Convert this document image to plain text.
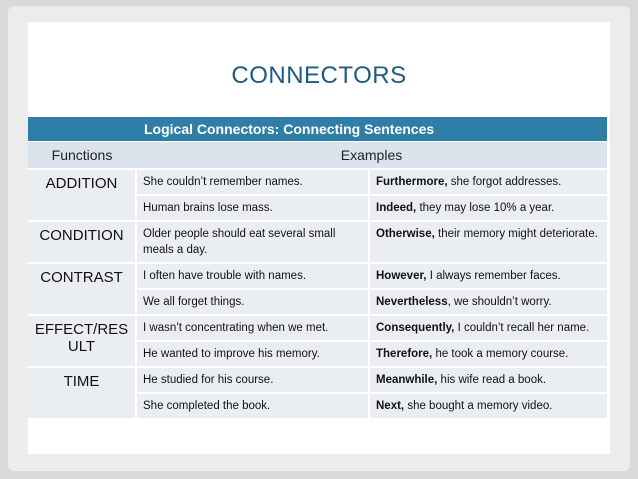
CONNECTORS
	Logical Connectors: Connecting Sentences	
Functions	Examples	
ADDITION	She couldn’t remember names.	Furthermore, she forgot addresses.
	Human brains lose mass.	Indeed, they may lose 10% a year.
CONDITION	Older people should eat several small meals a day.	Otherwise, their memory might deteriorate.
CONTRAST	I often have trouble with names.	However, I always remember faces.
	We all forget things.	Nevertheless, we shouldn’t worry.
EFFECT/RES ULT	I wasn’t concentrating when we met.	Consequently, I couldn’t recall her name.
	He wanted to improve his memory.	Therefore, he took a memory course.
TIME	He studied for his course.	Meanwhile, his wife read a book.
	She completed the book.	Next, she bought a memory video.
